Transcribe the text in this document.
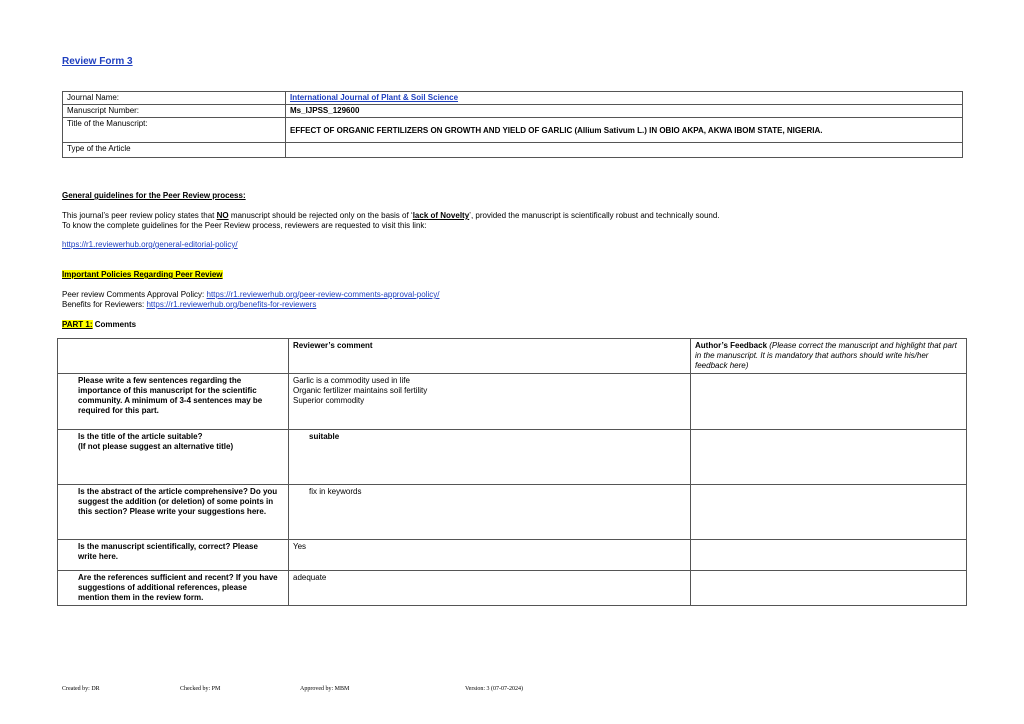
Review Form 3
Journal Name:	International Journal of Plant & Soil Science
Manuscript Number:	Ms_IJPSS_129600
Title of the Manuscript:	EFFECT OF ORGANIC FERTILIZERS ON GROWTH AND YIELD OF GARLIC (Allium Sativum L.) IN OBIO AKPA, AKWA IBOM STATE, NIGERIA.
Type of the Article	
General guidelines for the Peer Review process:
This journal’s peer review policy states that NO manuscript should be rejected only on the basis of ‘lack of Novelty’, provided the manuscript is scientifically robust and technically sound.
To know the complete guidelines for the Peer Review process, reviewers are requested to visit this link:
https://r1.reviewerhub.org/general-editorial-policy/
Important Policies Regarding Peer Review
Peer review Comments Approval Policy: https://r1.reviewerhub.org/peer-review-comments-approval-policy/
Benefits for Reviewers: https://r1.reviewerhub.org/benefits-for-reviewers
PART 1: Comments
	Reviewer’s comment	Author’s Feedback (Please correct the manuscript and highlight that part in the manuscript. It is mandatory that authors should write his/her feedback here)
Please write a few sentences regarding the importance of this manuscript for the scientific community. A minimum of 3-4 sentences may be required for this part.	Garlic is a commodity used in life
Organic fertilizer maintains soil fertility
Superior commodity	
Is the title of the article suitable?
(If not please suggest an alternative title)	suitable	
Is the abstract of the article comprehensive? Do you suggest the addition (or deletion) of some points in this section? Please write your suggestions here.	fix in keywords	
Is the manuscript scientifically, correct? Please write here.	Yes	
Are the references sufficient and recent? If you have suggestions of additional references, please mention them in the review form.	adequate	
Created by: DR	Checked by: PM	Approved by: MBM	Version: 3 (07-07-2024)
